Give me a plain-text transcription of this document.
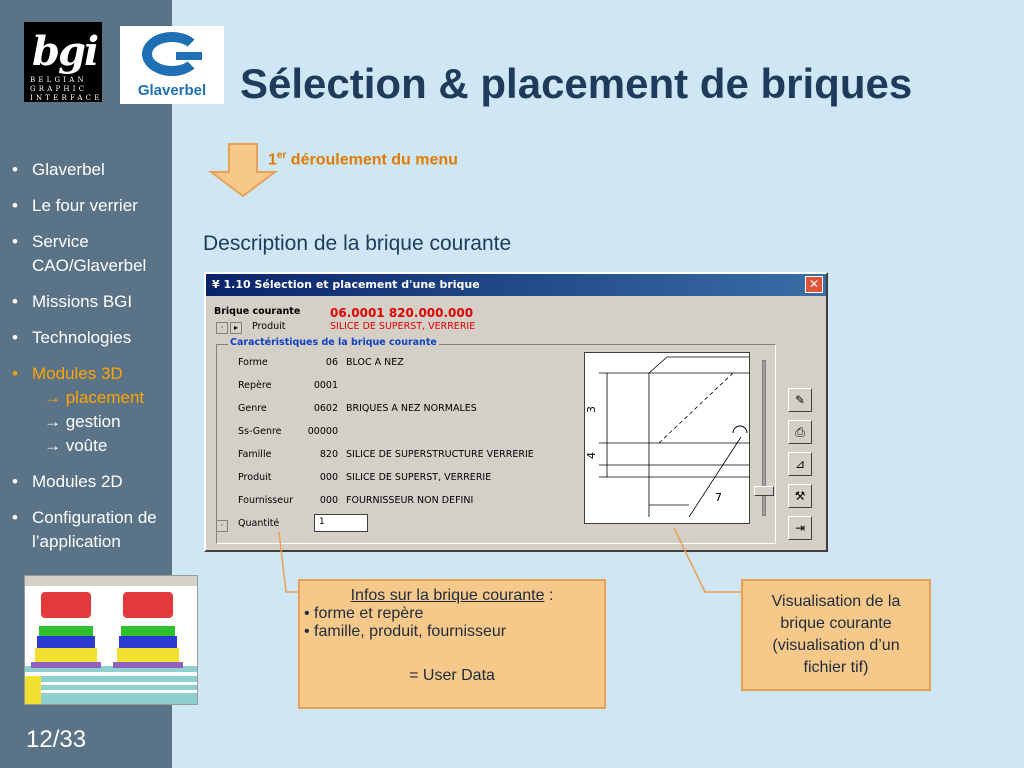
• Glaverbel
• Le four verrier
• Service CAO/Glaverbel
• Missions BGI
• Technologies
• Modules 3D
→ placement
→ gestion
→ voûte
• Modules 2D
• Configuration de l’application
12/33
bgi
BELGIAN
GRAPHIC
INTERFACE	Glaverbel Sélection & placement de briques
1er déroulement du menu
Description de la brique courante
¥ 1.10 Sélection et placement d'une brique	✕
Brique courante 06.0001 820.000.000
·	▸	Produit	SILICE DE SUPERST, VERRERIE
Caractéristiques de la brique courante
Forme	06 BLOC A NEZ
Repère	0001
Genre	0602 BRIQUES A NEZ NORMALES
Ss-Genre	00000
Famille	820 SILICE DE SUPERSTRUCTURE VERRERIE
Produit	000 SILICE DE SUPERST, VERRERIE
Fournisseur	000 FOURNISSEUR NON DEFINI
·	Quantité	1
3
4
7
✎
⎙
⊿
⚒
⇥
Infos sur la brique courante :
• forme et repère
• famille, produit, fournisseur
= User Data
Visualisation de la brique courante (visualisation d’un fichier tif)
